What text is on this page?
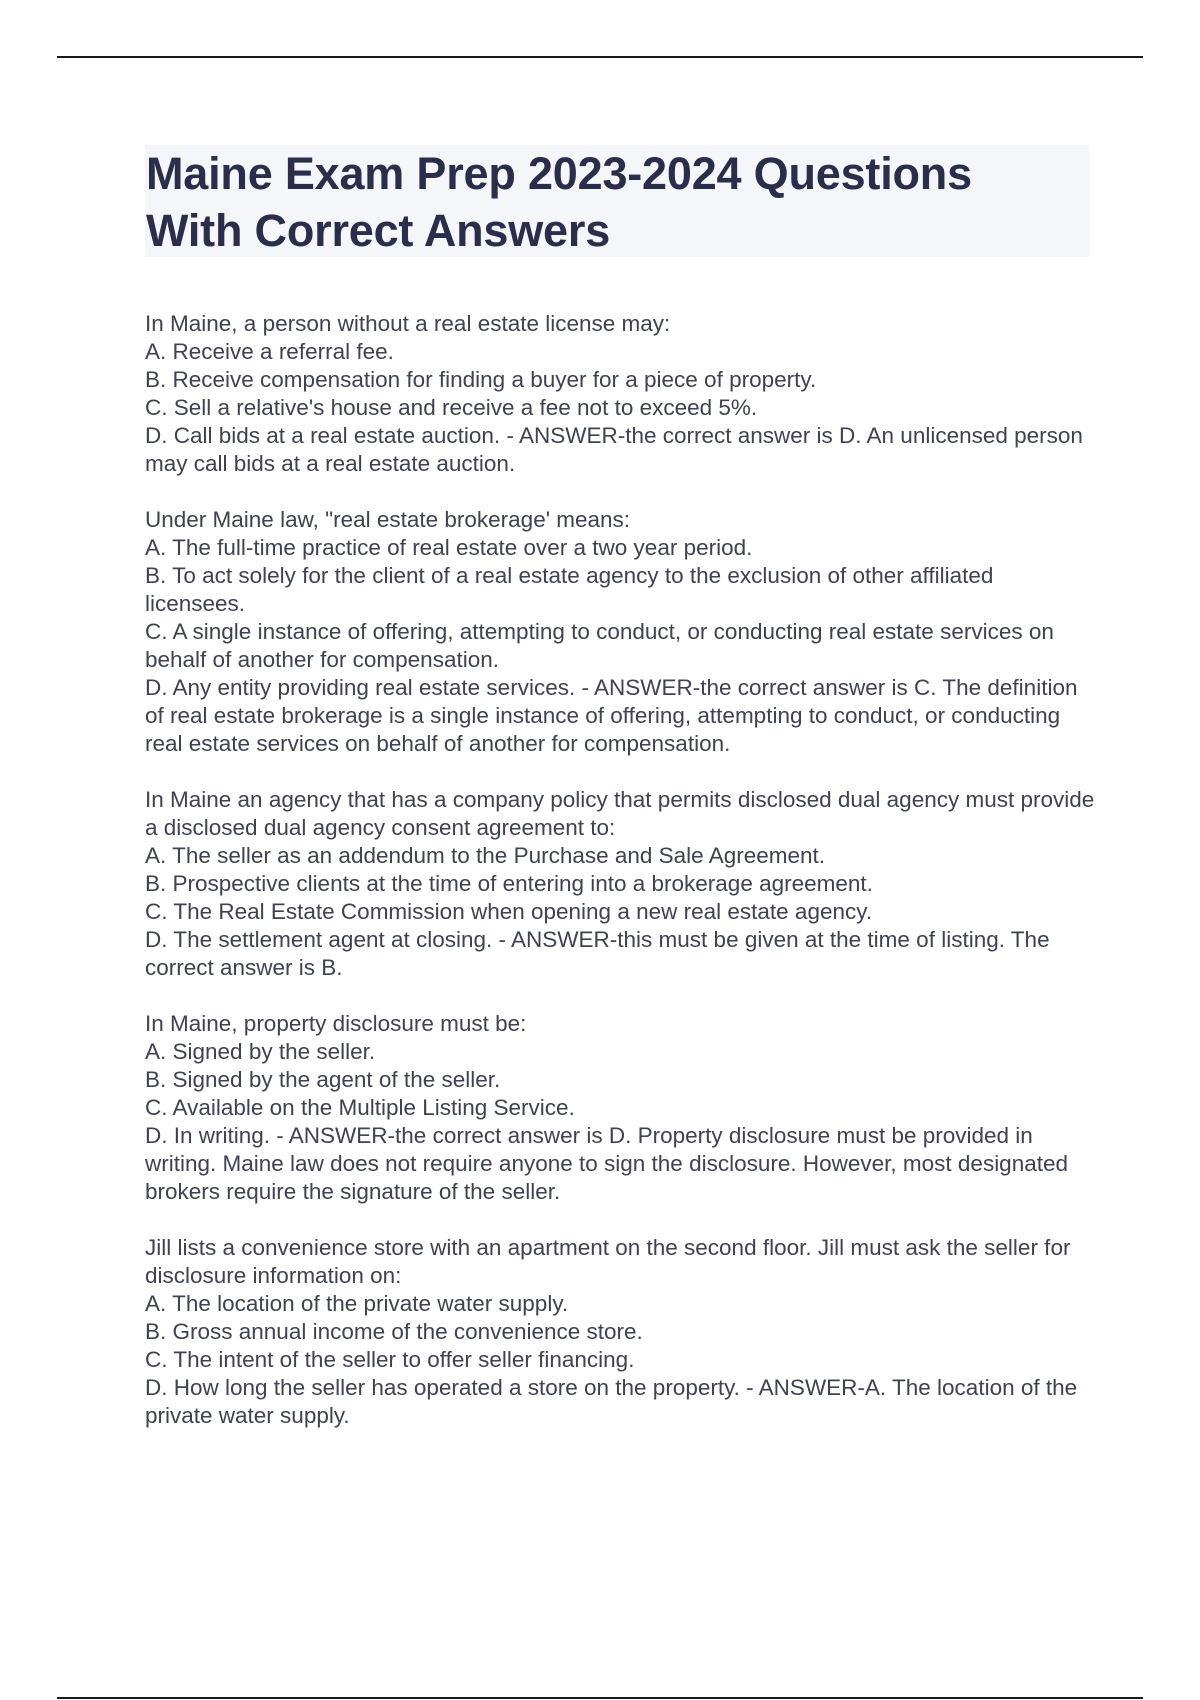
Maine Exam Prep 2023-2024 Questions
With Correct Answers
In Maine, a person without a real estate license may:
A. Receive a referral fee.
B. Receive compensation for finding a buyer for a piece of property.
C. Sell a relative's house and receive a fee not to exceed 5%.
D. Call bids at a real estate auction. - ANSWER-the correct answer is D. An unlicensed person may call bids at a real estate auction.
Under Maine law, "real estate brokerage' means:
A. The full-time practice of real estate over a two year period.
B. To act solely for the client of a real estate agency to the exclusion of other affiliated licensees.
C. A single instance of offering, attempting to conduct, or conducting real estate services on behalf of another for compensation.
D. Any entity providing real estate services. - ANSWER-the correct answer is C. The definition of real estate brokerage is a single instance of offering, attempting to conduct, or conducting real estate services on behalf of another for compensation.
In Maine an agency that has a company policy that permits disclosed dual agency must provide a disclosed dual agency consent agreement to:
A. The seller as an addendum to the Purchase and Sale Agreement.
B. Prospective clients at the time of entering into a brokerage agreement.
C. The Real Estate Commission when opening a new real estate agency.
D. The settlement agent at closing. - ANSWER-this must be given at the time of listing. The correct answer is B.
In Maine, property disclosure must be:
A. Signed by the seller.
B. Signed by the agent of the seller.
C. Available on the Multiple Listing Service.
D. In writing. - ANSWER-the correct answer is D. Property disclosure must be provided in writing. Maine law does not require anyone to sign the disclosure. However, most designated brokers require the signature of the seller.
Jill lists a convenience store with an apartment on the second floor. Jill must ask the seller for disclosure information on:
A. The location of the private water supply.
B. Gross annual income of the convenience store.
C. The intent of the seller to offer seller financing.
D. How long the seller has operated a store on the property. - ANSWER-A. The location of the private water supply.
